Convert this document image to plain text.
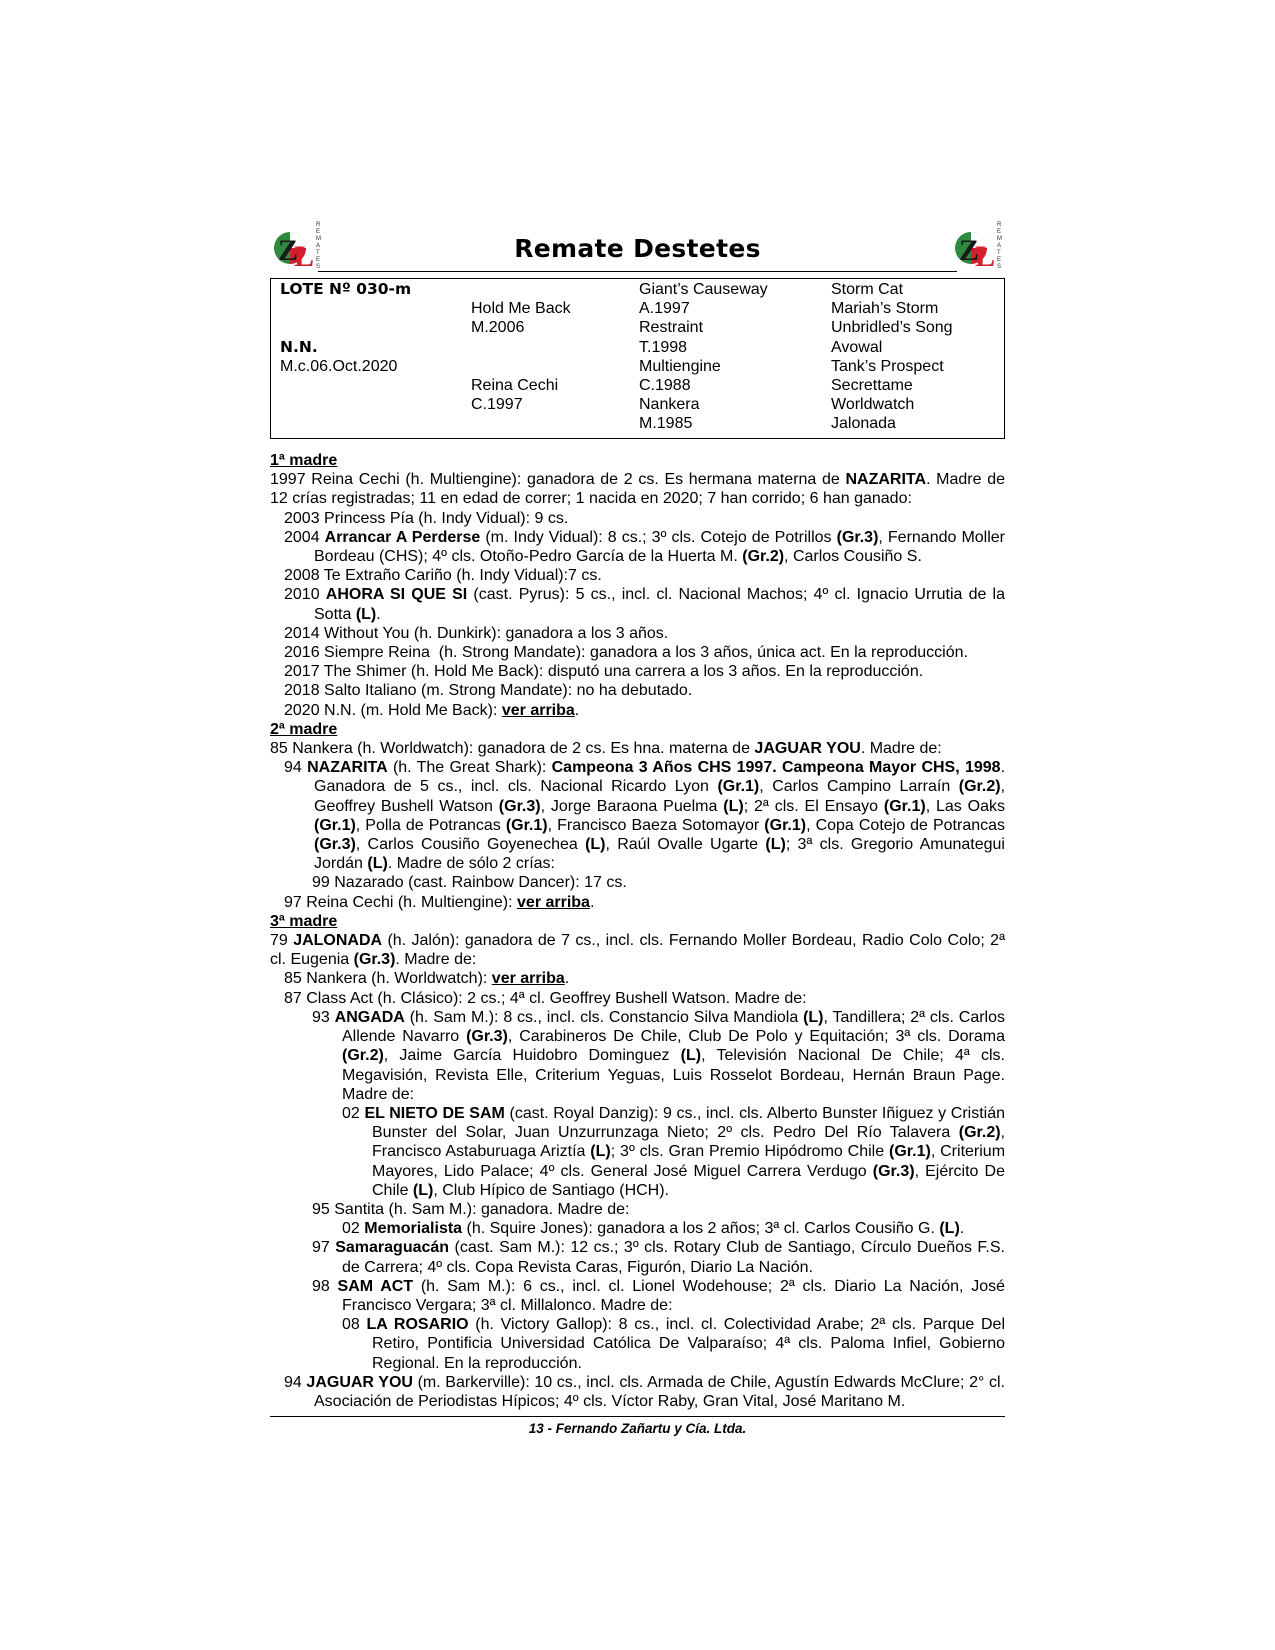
Z
L
R
E
M
A
T
E
S
Remate Destetes	Z
L
R
E
M
A
T
E
S
LOTE Nº 030-m
N.N.
M.c.06.Oct.2020
Hold Me Back
M.2006
Reina Cechi
C.1997
Giant’s Causeway
A.1997
Restraint
T.1998
Multiengine
C.1988
Nankera
M.1985
Storm Cat
Mariah’s Storm
Unbridled’s Song
Avowal
Tank’s Prospect
Secrettame
Worldwatch
Jalonada

1ª madre

1997 Reina Cechi (h. Multiengine): ganadora de 2 cs. Es hermana materna de NAZARITA. Madre de 12 crías registradas; 11 en edad de correr; 1 nacida en 2020; 7 han corrido; 6 han ganado:

2003 Princess Pía (h. Indy Vidual): 9 cs.

2004 Arrancar A Perderse (m. Indy Vidual): 8 cs.; 3º cls. Cotejo de Potrillos (Gr.3), Fernando Moller Bordeau (CHS); 4º cls. Otoño-Pedro García de la Huerta M. (Gr.2), Carlos Cousiño S.

2008 Te Extraño Cariño (h. Indy Vidual):7 cs.

2010 AHORA SI QUE SI (cast. Pyrus): 5 cs., incl. cl. Nacional Machos; 4º cl. Ignacio Urrutia de la Sotta (L).

2014 Without You (h. Dunkirk): ganadora a los 3 años.

2016 Siempre Reina  (h. Strong Mandate): ganadora a los 3 años, única act. En la reproducción.

2017 The Shimer (h. Hold Me Back): disputó una carrera a los 3 años. En la reproducción.

2018 Salto Italiano (m. Strong Mandate): no ha debutado.

2020 N.N. (m. Hold Me Back): ver arriba.

2ª madre

85 Nankera (h. Worldwatch): ganadora de 2 cs. Es hna. materna de JAGUAR YOU. Madre de:

94 NAZARITA (h. The Great Shark): Campeona 3 Años CHS 1997. Campeona Mayor CHS, 1998. Ganadora de 5 cs., incl. cls. Nacional Ricardo Lyon (Gr.1), Carlos Campino Larraín (Gr.2), Geoffrey Bushell Watson (Gr.3), Jorge Baraona Puelma (L); 2ª cls. El Ensayo (Gr.1), Las Oaks (Gr.1), Polla de Potrancas (Gr.1), Francisco Baeza Sotomayor (Gr.1), Copa Cotejo de Potrancas (Gr.3), Carlos Cousiño Goyenechea (L), Raúl Ovalle Ugarte (L); 3ª cls. Gregorio Amunategui Jordán (L). Madre de sólo 2 crías:

99 Nazarado (cast. Rainbow Dancer): 17 cs.

97 Reina Cechi (h. Multiengine): ver arriba.

3ª madre

79 JALONADA (h. Jalón): ganadora de 7 cs., incl. cls. Fernando Moller Bordeau, Radio Colo Colo; 2ª cl. Eugenia (Gr.3). Madre de:

85 Nankera (h. Worldwatch): ver arriba.

87 Class Act (h. Clásico): 2 cs.; 4ª cl. Geoffrey Bushell Watson. Madre de:

93 ANGADA (h. Sam M.): 8 cs., incl. cls. Constancio Silva Mandiola (L), Tandillera; 2ª cls. Carlos Allende Navarro (Gr.3), Carabineros De Chile, Club De Polo y Equitación; 3ª cls. Dorama (Gr.2), Jaime García Huidobro Dominguez (L), Televisión Nacional De Chile; 4ª cls. Megavisión, Revista Elle, Criterium Yeguas, Luis Rosselot Bordeau, Hernán Braun Page. Madre de:

02 EL NIETO DE SAM (cast. Royal Danzig): 9 cs., incl. cls. Alberto Bunster Iñiguez y Cristián Bunster del Solar, Juan Unzurrunzaga Nieto; 2º cls. Pedro Del Río Talavera (Gr.2), Francisco Astaburuaga Ariztía (L); 3º cls. Gran Premio Hipódromo Chile (Gr.1), Criterium Mayores, Lido Palace; 4º cls. General José Miguel Carrera Verdugo (Gr.3), Ejército De Chile (L), Club Hípico de Santiago (HCH).

95 Santita (h. Sam M.): ganadora. Madre de:

02 Memorialista (h. Squire Jones): ganadora a los 2 años; 3ª cl. Carlos Cousiño G. (L).

97 Samaraguacán (cast. Sam M.): 12 cs.; 3º cls. Rotary Club de Santiago, Círculo Dueños F.S. de Carrera; 4º cls. Copa Revista Caras, Figurón, Diario La Nación.

98 SAM ACT (h. Sam M.): 6 cs., incl. cl. Lionel Wodehouse; 2ª cls. Diario La Nación, José Francisco Vergara; 3ª cl. Millalonco. Madre de:

08 LA ROSARIO (h. Victory Gallop): 8 cs., incl. cl. Colectividad Arabe; 2ª cls. Parque Del Retiro, Pontificia Universidad Católica De Valparaíso; 4ª cls. Paloma Infiel, Gobierno Regional. En la reproducción.

94 JAGUAR YOU (m. Barkerville): 10 cs., incl. cls. Armada de Chile, Agustín Edwards McClure; 2° cl. Asociación de Periodistas Hípicos; 4º cls. Víctor Raby, Gran Vital, José Maritano M.

13 - Fernando Zañartu y Cía. Ltda.
